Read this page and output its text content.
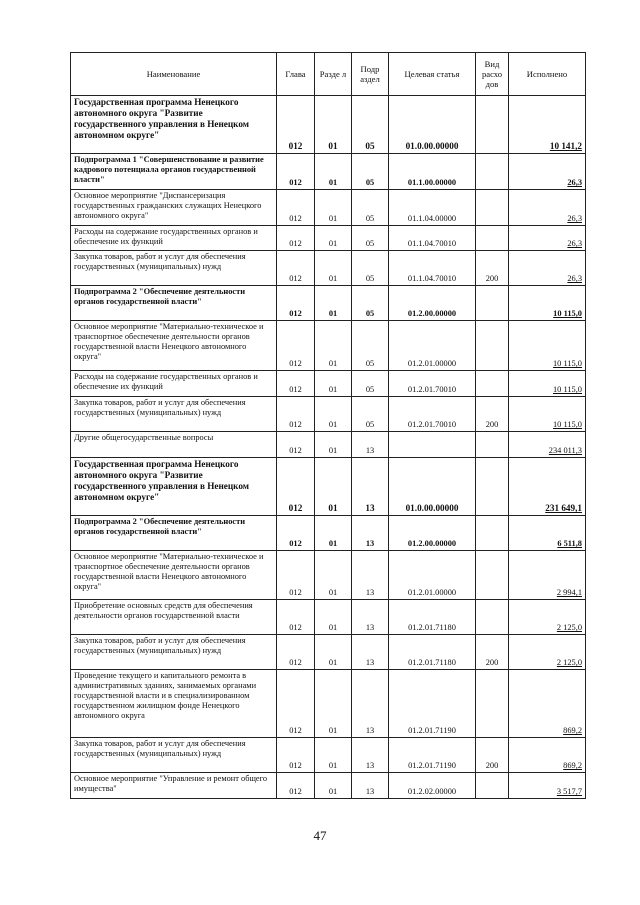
Наименование	Глава	Разде л	Подр аздел	Целевая статья	Вид расхо дов	Исполнено
Государственная программа Ненецкого автономного округа "Развитие государственного управления в Ненецком автономном округе"	012	01	05	01.0.00.00000		10 141,2
Подпрограмма 1 "Совершенствование и развитие кадрового потенциала органов государственной власти"	012	01	05	01.1.00.00000		26,3
Основное мероприятие "Диспансеризация государственных гражданских служащих Ненецкого автономного округа"	012	01	05	01.1.04.00000		26,3
Расходы на содержание государственных органов и обеспечение их функций	012	01	05	01.1.04.70010		26,3
Закупка товаров, работ и услуг для обеспечения государственных (муниципальных) нужд	012	01	05	01.1.04.70010	200	26,3
Подпрограмма 2 "Обеспечение деятельности органов государственной власти"	012	01	05	01.2.00.00000		10 115,0
Основное мероприятие "Материально-техническое и транспортное обеспечение деятельности органов государственной власти Ненецкого автономного округа"	012	01	05	01.2.01.00000		10 115,0
Расходы на содержание государственных органов и обеспечение их функций	012	01	05	01.2.01.70010		10 115,0
Закупка товаров, работ и услуг для обеспечения государственных (муниципальных) нужд	012	01	05	01.2.01.70010	200	10 115,0
Другие общегосударственные вопросы	012	01	13			234 011,3
Государственная программа Ненецкого автономного округа "Развитие государственного управления в Ненецком автономном округе"	012	01	13	01.0.00.00000		231 649,1
Подпрограмма 2 "Обеспечение деятельности органов государственной власти"	012	01	13	01.2.00.00000		6 511,8
Основное мероприятие "Материально-техническое и транспортное обеспечение деятельности органов государственной власти Ненецкого автономного округа"	012	01	13	01.2.01.00000		2 994,1
Приобретение основных средств для обеспечения деятельности органов государственной власти	012	01	13	01.2.01.71180		2 125,0
Закупка товаров, работ и услуг для обеспечения государственных (муниципальных) нужд	012	01	13	01.2.01.71180	200	2 125,0
Проведение текущего и капитального ремонта в административных зданиях, занимаемых органами государственной власти и в специализированном государственном жилищном фонде Ненецкого автономного округа	012	01	13	01.2.01.71190		869,2
Закупка товаров, работ и услуг для обеспечения государственных (муниципальных) нужд	012	01	13	01.2.01.71190	200	869,2
Основное мероприятие "Управление и ремонт общего имущества"	012	01	13	01.2.02.00000		3 517,7
47
